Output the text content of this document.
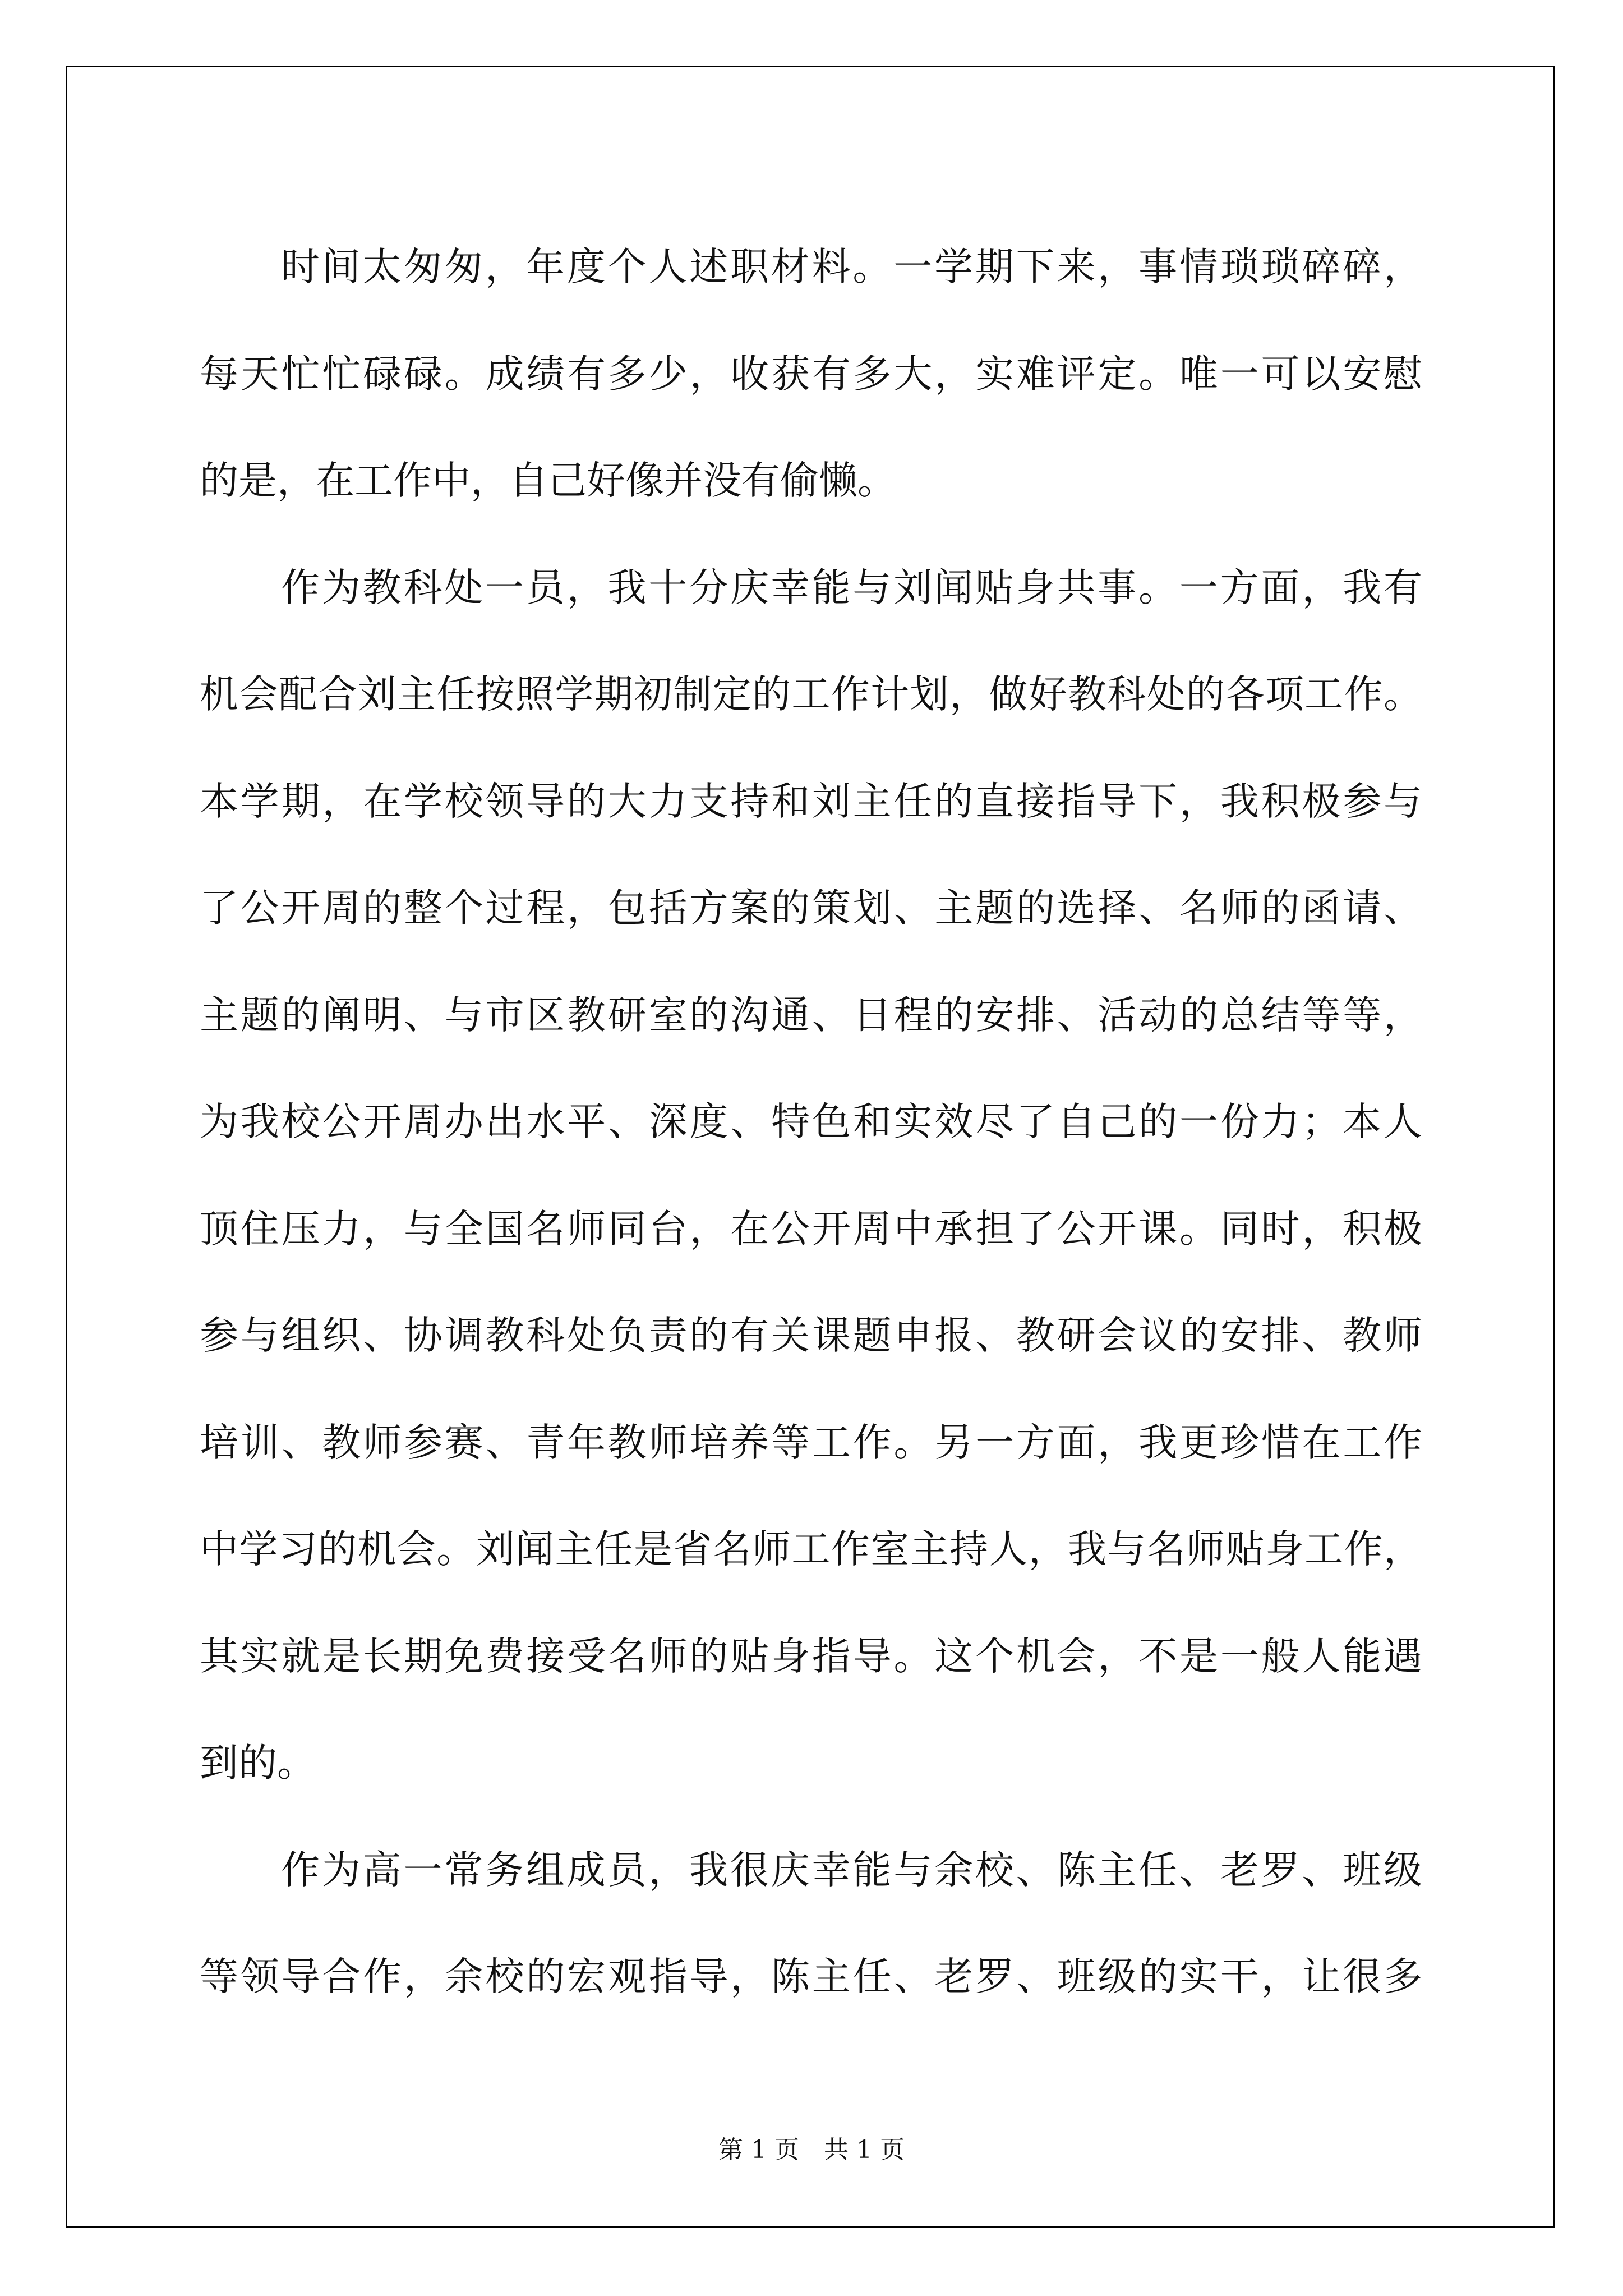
时间太匆匆，年度个人述职材料。一学期下来，事情琐琐碎碎，
每天忙忙碌碌。成绩有多少，收获有多大，实难评定。唯一可以安慰
的是，在工作中，自己好像并没有偷懒。
作为教科处一员，我十分庆幸能与刘闻贴身共事。一方面，我有
机会配合刘主任按照学期初制定的工作计划，做好教科处的各项工作。
本学期，在学校领导的大力支持和刘主任的直接指导下，我积极参与
了公开周的整个过程，包括方案的策划、主题的选择、名师的函请、
主题的阐明、与市区教研室的沟通、日程的安排、活动的总结等等，
为我校公开周办出水平、深度、特色和实效尽了自己的一份力；本人
顶住压力，与全国名师同台，在公开周中承担了公开课。同时，积极
参与组织、协调教科处负责的有关课题申报、教研会议的安排、教师
培训、教师参赛、青年教师培养等工作。另一方面，我更珍惜在工作
中学习的机会。刘闻主任是省名师工作室主持人，我与名师贴身工作，
其实就是长期免费接受名师的贴身指导。这个机会，不是一般人能遇
到的。
作为高一常务组成员，我很庆幸能与余校、陈主任、老罗、班级
等领导合作，余校的宏观指导，陈主任、老罗、班级的实干，让很多
第 1 页　共 1 页
